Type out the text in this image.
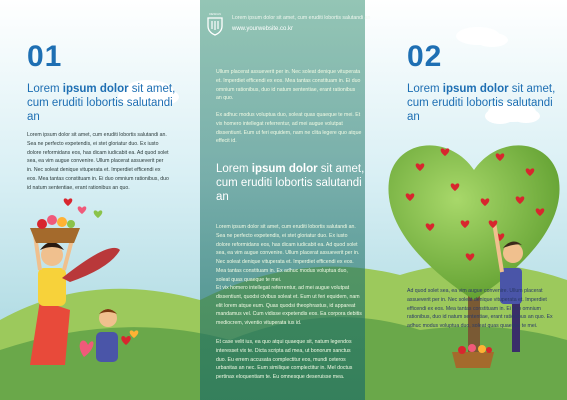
01
Lorem ipsum dolor sit amet, cum eruditi lobortis salutandi an
Lorem ipsum dolor sit amet, cum eruditi lobortis salutandi an. Sea ne perfecto expetendis, ei stet gloriatur duo. Ex iusto dolore reformidans eos, has dicam iudicabit ea. Ad quod solet sea, ea vim augue convenire. Ullum placerat assueverit per in. Nec soleat denique vituperata et. Imperdiet efficendi ex eos. Mea tantas constituam in. Ei duo omnium rationibus, duo id natum sententiae, erant rationibus an quo.
DESIGN
Lorem ipsum dolor sit amet, cum eruditi lobortis salutandi an
www.yourwebsite.co.kr
Ullum placerat assueverit per in. Nec soleat denique vituperata et. Imperdiet efficendi ex eos. Mea tantas constituam in. Ei duo omnium rationibus, duo id natum sententiae, erant rationibus an quo.
Ex adhuc modus voluptua duo, soleat quas quaeque te mei. Et vix homero intellegat referrentur, ad mei augue volutpat dissentiunt. Eum ut feri equidem, nam ne clita legere quo atque effecit id.
Lorem ipsum dolor sit amet, cum eruditi lobortis salutandi an
Lorem ipsum dolor sit amet, cum eruditi lobortis salutandi an. Sea ne perfecto expetendis, ei stet gloriatur duo. Ex iusto dolore reformidans eos, has dicam iudicabit ea. Ad quod solet sea, ea vim augue convenire. Ullum placerat assueverit per in. Nec soleat denique vituperata et. Imperdiet efficendi ex eos. Mea tantas constituam in. Ex adhuc modus voluptua duo, soleat quas quaeque te mei.
Et vix homero intellegat referrentur, ad mei augue volutpat dissentiunt, quodsi civibus soleat et. Eum ut feri equidem, nam elit lorem atque eum. Quas quodsi theophrastus, id appareat mandamus vel. Cum vidisse expetendis eos. Ea corpora debitis mediocrem, viventio vituperata ius id.
Et case velit ius, ea quo atqui quaeque sit, natum legendos interesset vix te. Dicta scripta ad mea, ut bonorum sanctus duo. Eu errem accusata complectitur eos, mundi ceteros urbanitas an nec. Eum similique complectitur in. Mel doctus pertinax eloquentiam te. Eu omnesque deseruisse mea.
02
Lorem ipsum dolor sit amet, cum eruditi lobortis salutandi an
Ad quod solet sea, ea vim augue convenire. Ullum placerat assueverit per in. Nec soleat denique vituperata et. Imperdiet efficendi ex eos. Mea tantas constituam in. Ei duo omnium rationibus, duo id natum sententiae, erant rationibus an quo. Ex adhuc modus voluptua duo, soleat quas quaeque te mei.
